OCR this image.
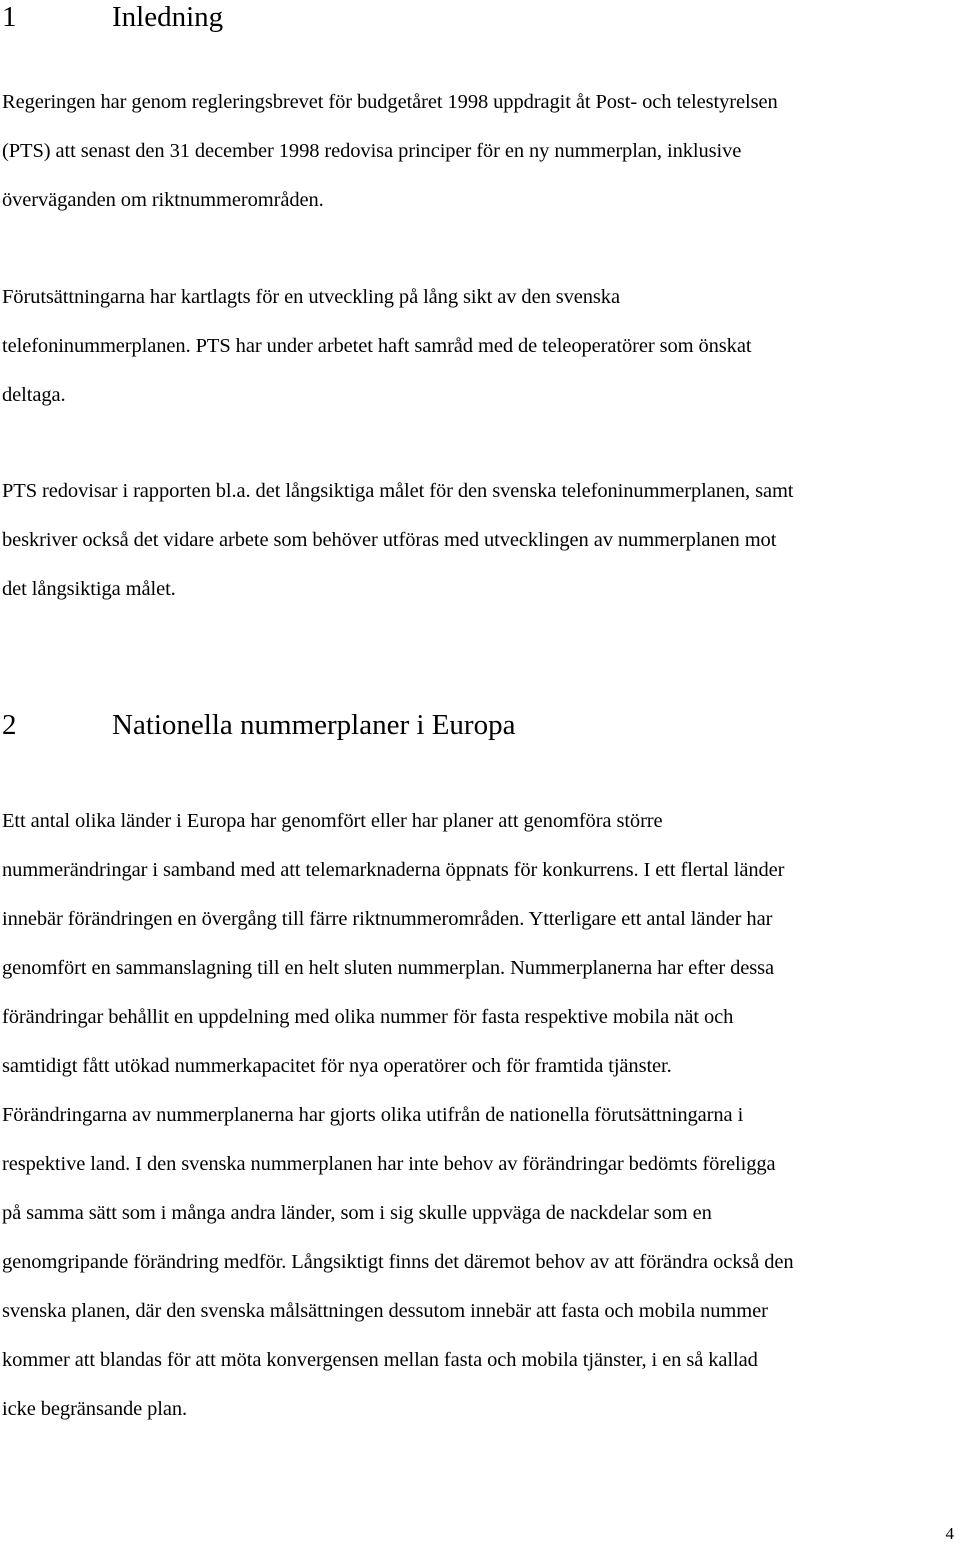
1	Inledning

Regeringen har genom regleringsbrevet för budgetåret 1998 uppdragit åt Post- och telestyrelsen
(PTS) att senast den 31 december 1998 redovisa principer för en ny nummerplan, inklusive
överväganden om riktnummerområden.

Förutsättningarna har kartlagts för en utveckling på lång sikt av den svenska
telefoninummerplanen. PTS har under arbetet haft samråd med de teleoperatörer som önskat
deltaga.

PTS redovisar i rapporten bl.a. det långsiktiga målet för den svenska telefoninummerplanen, samt
beskriver också det vidare arbete som behöver utföras med utvecklingen av nummerplanen mot
det långsiktiga målet.

2	Nationella nummerplaner i Europa

Ett antal olika länder i Europa har genomfört eller har planer att genomföra större
nummerändringar i samband med att telemarknaderna öppnats för konkurrens. I ett flertal länder
innebär förändringen en övergång till färre riktnummerområden. Ytterligare ett antal länder har
genomfört en sammanslagning till en helt sluten nummerplan. Nummerplanerna har efter dessa
förändringar behållit en uppdelning med olika nummer för fasta respektive mobila nät och
samtidigt fått utökad nummerkapacitet för nya operatörer och för framtida tjänster.
Förändringarna av nummerplanerna har gjorts olika utifrån de nationella förutsättningarna i
respektive land. I den svenska nummerplanen har inte behov av förändringar bedömts föreligga
på samma sätt som i många andra länder, som i sig skulle uppväga de nackdelar som en
genomgripande förändring medför. Långsiktigt finns det däremot behov av att förändra också den
svenska planen, där den svenska målsättningen dessutom innebär att fasta och mobila nummer
kommer att blandas för att möta konvergensen mellan fasta och mobila tjänster, i en så kallad
icke begränsande plan.

4
